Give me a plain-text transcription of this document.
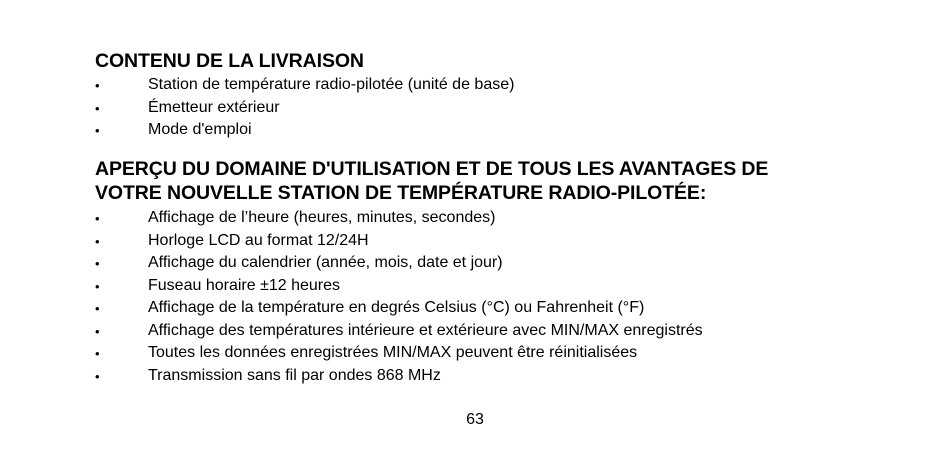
CONTENU DE LA LIVRAISON
•	Station de température radio-pilotée (unité de base)
•	Émetteur extérieur
•	Mode d'emploi
APERÇU DU DOMAINE D'UTILISATION ET DE TOUS LES AVANTAGES DE
VOTRE NOUVELLE STATION DE TEMPÉRATURE RADIO-PILOTÉE:
•	Affichage de l’heure (heures, minutes, secondes)
•	Horloge LCD au format 12/24H
•	Affichage du calendrier (année, mois, date et jour)
•	Fuseau horaire ±12 heures
•	Affichage de la température en degrés Celsius (°C) ou Fahrenheit (°F)
•	Affichage des températures intérieure et extérieure avec MIN/MAX enregistrés
•	Toutes les données enregistrées MIN/MAX peuvent être réinitialisées
•	Transmission sans fil par ondes 868 MHz
63
